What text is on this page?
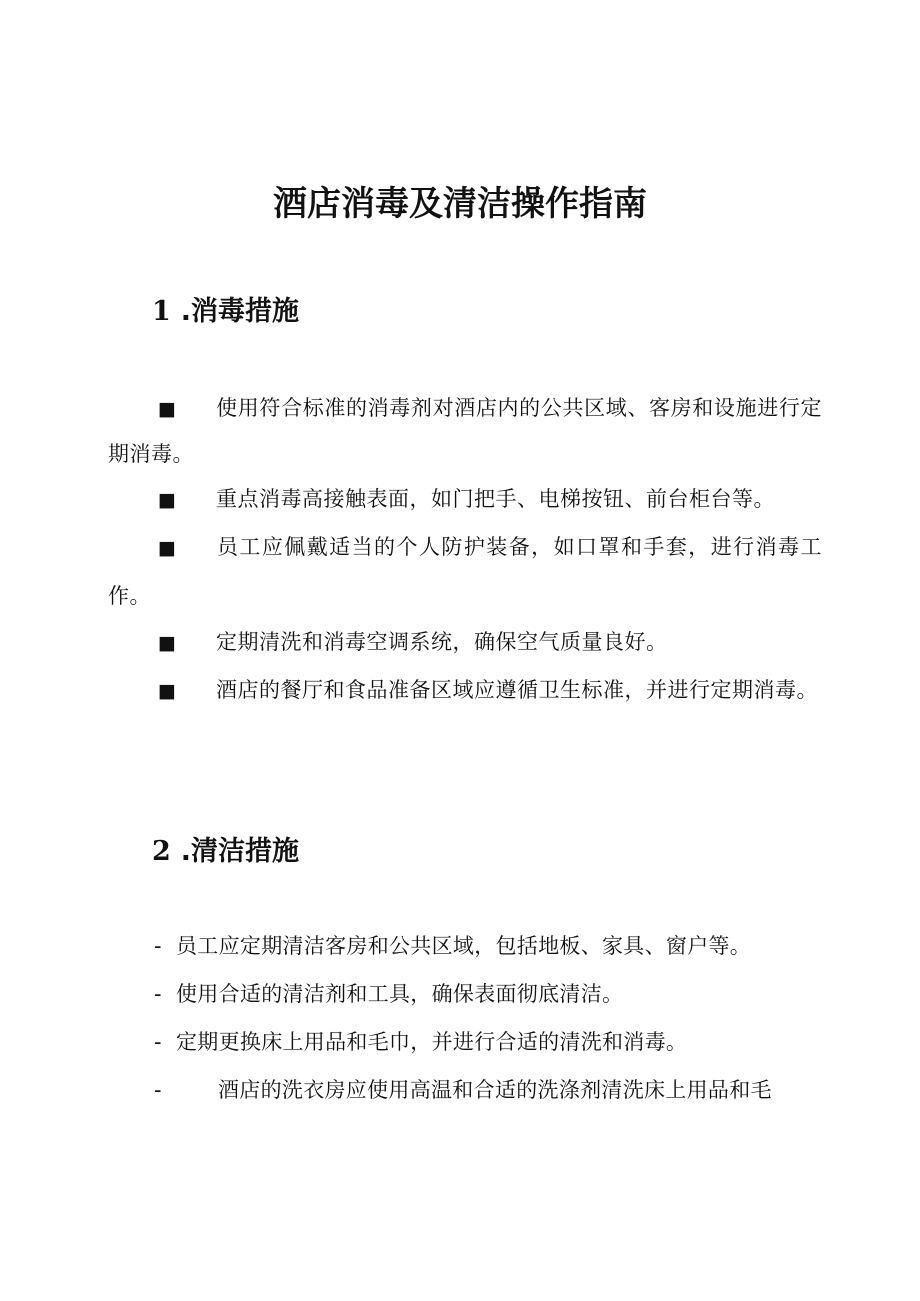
酒店消毒及清洁操作指南
1 .消毒措施
■ 使用符合标准的消毒剂对酒店内的公共区域、客房和设施进行定期消毒。
■ 重点消毒高接触表面，如门把手、电梯按钮、前台柜台等。
■ 员工应佩戴适当的个人防护装备，如口罩和手套，进行消毒工作。
■ 定期清洗和消毒空调系统，确保空气质量良好。
■ 酒店的餐厅和食品准备区域应遵循卫生标准，并进行定期消毒。
2 .清洁措施
- 员工应定期清洁客房和公共区域，包括地板、家具、窗户等。
- 使用合适的清洁剂和工具，确保表面彻底清洁。
- 定期更换床上用品和毛巾，并进行合适的清洗和消毒。
-	酒店的洗衣房应使用高温和合适的洗涤剂清洗床上用品和毛
